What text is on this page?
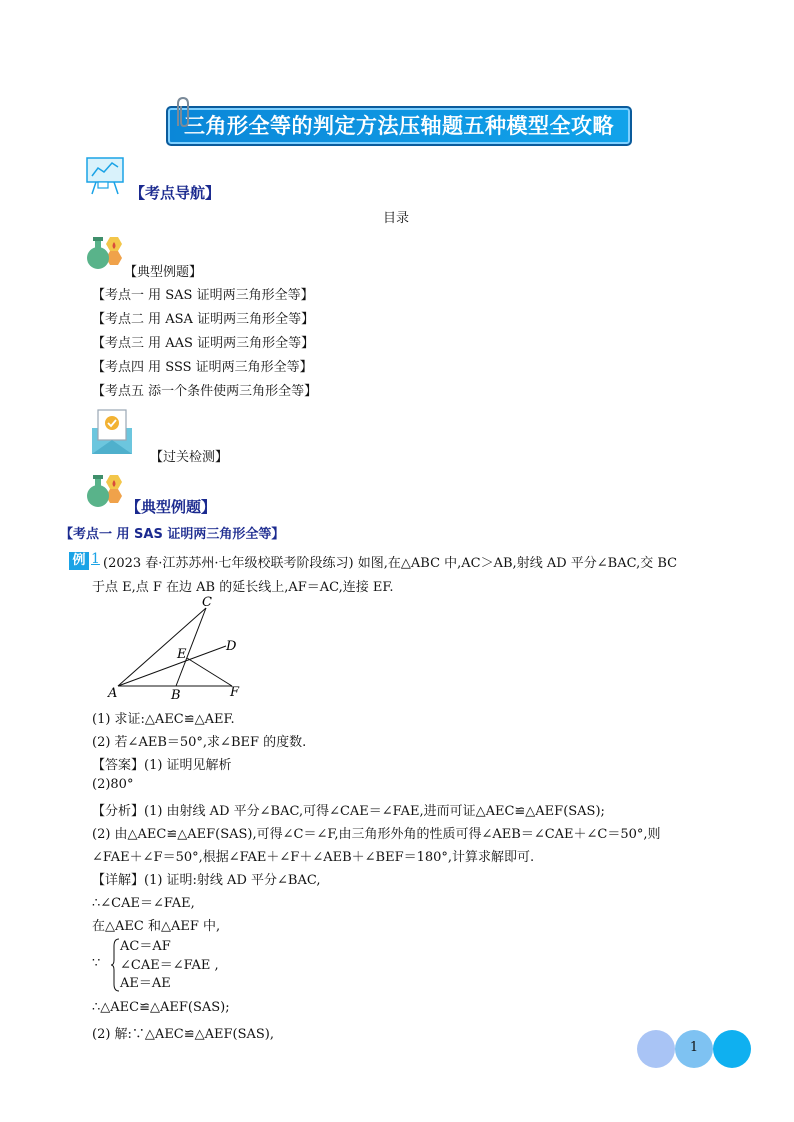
三角形全等的判定方法压轴题五种模型全攻略
【考点导航】
目录
【典型例题】
【考点一 用 SAS 证明两三角形全等】
【考点二 用 ASA 证明两三角形全等】
【考点三 用 AAS 证明两三角形全等】
【考点四 用 SSS 证明两三角形全等】
【考点五 添一个条件使两三角形全等】
【过关检测】
【典型例题】
【考点一 用 SAS 证明两三角形全等】
例 1 (2023 春·江苏苏州·七年级校联考阶段练习) 如图,在△ABC 中,AC＞AB,射线 AD 平分∠BAC,交 BC
于点 E,点 F 在边 AB 的延长线上,AF＝AC,连接 EF.
C
D
E
A	B	F
(1) 求证:△AEC≌△AEF.
(2) 若∠AEB＝50°,求∠BEF 的度数.
【答案】(1) 证明见解析
(2)80°
【分析】(1) 由射线 AD 平分∠BAC,可得∠CAE＝∠FAE,进而可证△AEC≌△AEF(SAS);
(2) 由△AEC≌△AEF(SAS),可得∠C＝∠F,由三角形外角的性质可得∠AEB＝∠CAE＋∠C＝50°,则
∠FAE＋∠F＝50°,根据∠FAE＋∠F＋∠AEB＋∠BEF＝180°,计算求解即可.
【详解】(1) 证明:射线 AD 平分∠BAC,
∴∠CAE＝∠FAE,
在△AEC 和△AEF 中,
∵
AC＝AF
∠CAE＝∠FAE ,
AE＝AE
∴△AEC≌△AEF(SAS);
(2) 解:∵△AEC≌△AEF(SAS),
1
